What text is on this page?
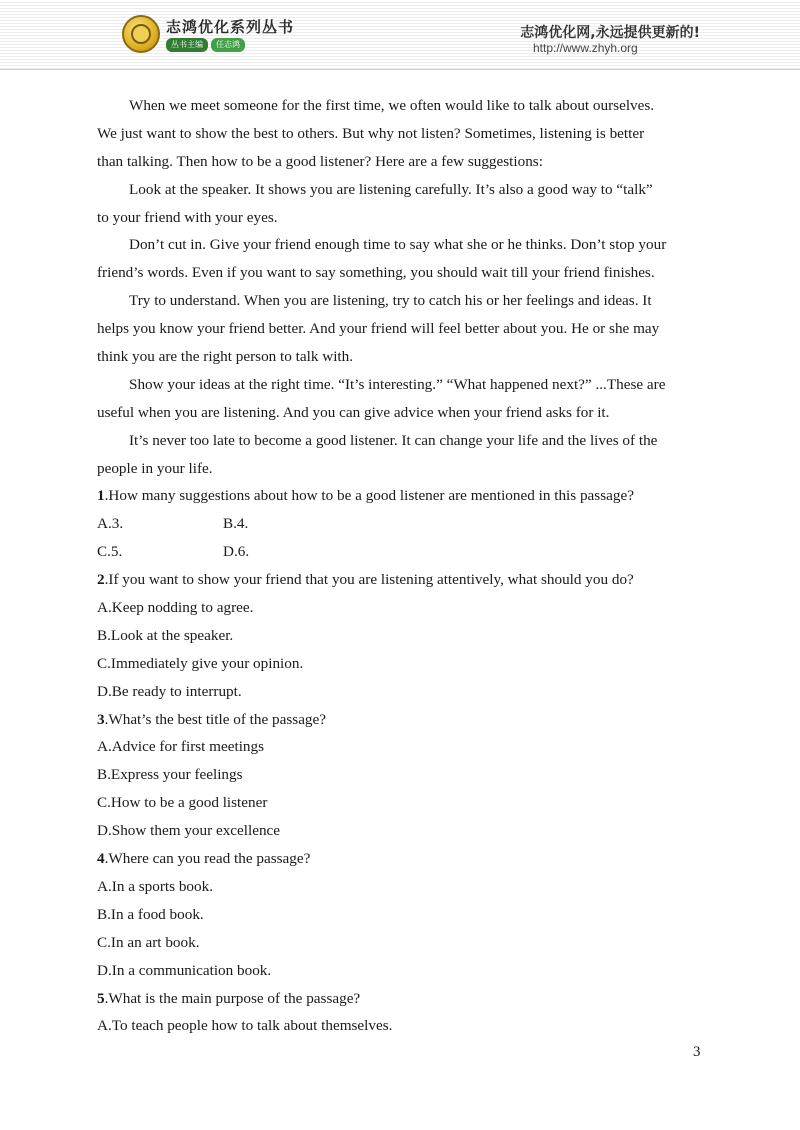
志鸿优化系列丛书
丛书主编	任志鸿
志鸿优化网,永远提供更新的!
http://www.zhyh.org
When we meet someone for the first time, we often would like to talk about ourselves.
We just want to show the best to others. But why not listen? Sometimes, listening is better
than talking. Then how to be a good listener? Here are a few suggestions:
Look at the speaker. It shows you are listening carefully. It’s also a good way to “talk”
to your friend with your eyes.
Don’t cut in. Give your friend enough time to say what she or he thinks. Don’t stop your
friend’s words. Even if you want to say something, you should wait till your friend finishes.
Try to understand. When you are listening, try to catch his or her feelings and ideas. It
helps you know your friend better. And your friend will feel better about you. He or she may
think you are the right person to talk with.
Show your ideas at the right time. “It’s interesting.” “What happened next?” ...These are
useful when you are listening. And you can give advice when your friend asks for it.
It’s never too late to become a good listener. It can change your life and the lives of the
people in your life.
1.How many suggestions about how to be a good listener are mentioned in this passage?
A.3.	B.4.
C.5.	D.6.
2.If you want to show your friend that you are listening attentively, what should you do?
A.Keep nodding to agree.
B.Look at the speaker.
C.Immediately give your opinion.
D.Be ready to interrupt.
3.What’s the best title of the passage?
A.Advice for first meetings
B.Express your feelings
C.How to be a good listener
D.Show them your excellence
4.Where can you read the passage?
A.In a sports book.
B.In a food book.
C.In an art book.
D.In a communication book.
5.What is the main purpose of the passage?
A.To teach people how to talk about themselves.
3
